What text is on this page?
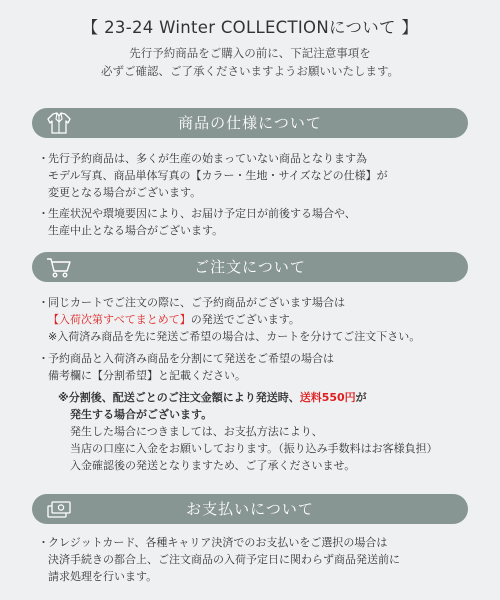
【 23-24 Winter COLLECTIONについて 】
先行予約商品をご購入の前に、下記注意事項を
必ずご確認、ご了承くださいますようお願いいたします。
商品の仕様について
・ 先行予約商品は、多くが生産の始まっていない商品となります為
モデル写真、商品単体写真の【カラー・生地・サイズなどの仕様】が
変更となる場合がございます。
・ 生産状況や環境要因により、お届け予定日が前後する場合や、
生産中止となる場合がございます。
ご注文について
・ 同じカートでご注文の際に、ご予約商品がございます場合は
【入荷次第すべてまとめて】の発送でございます。
※入荷済み商品を先に発送ご希望の場合は、カートを分けてご注文下さい。
・ 予約商品と入荷済み商品を分割にて発送をご希望の場合は
備考欄に【分割希望】と記載ください。
※分割後、配送ごとのご注文金額により発送時、送料550円が
発生する場合がございます。
発生した場合につきましては、お支払方法により、
当店の口座に入金をお願いしております。（振り込み手数料はお客様負担）
入金確認後の発送となりますため、ご了承くださいませ。
お支払いについて
・ クレジットカード、各種キャリア決済でのお支払いをご選択の場合は
決済手続きの都合上、ご注文商品の入荷予定日に関わらず商品発送前に
請求処理を行います。
